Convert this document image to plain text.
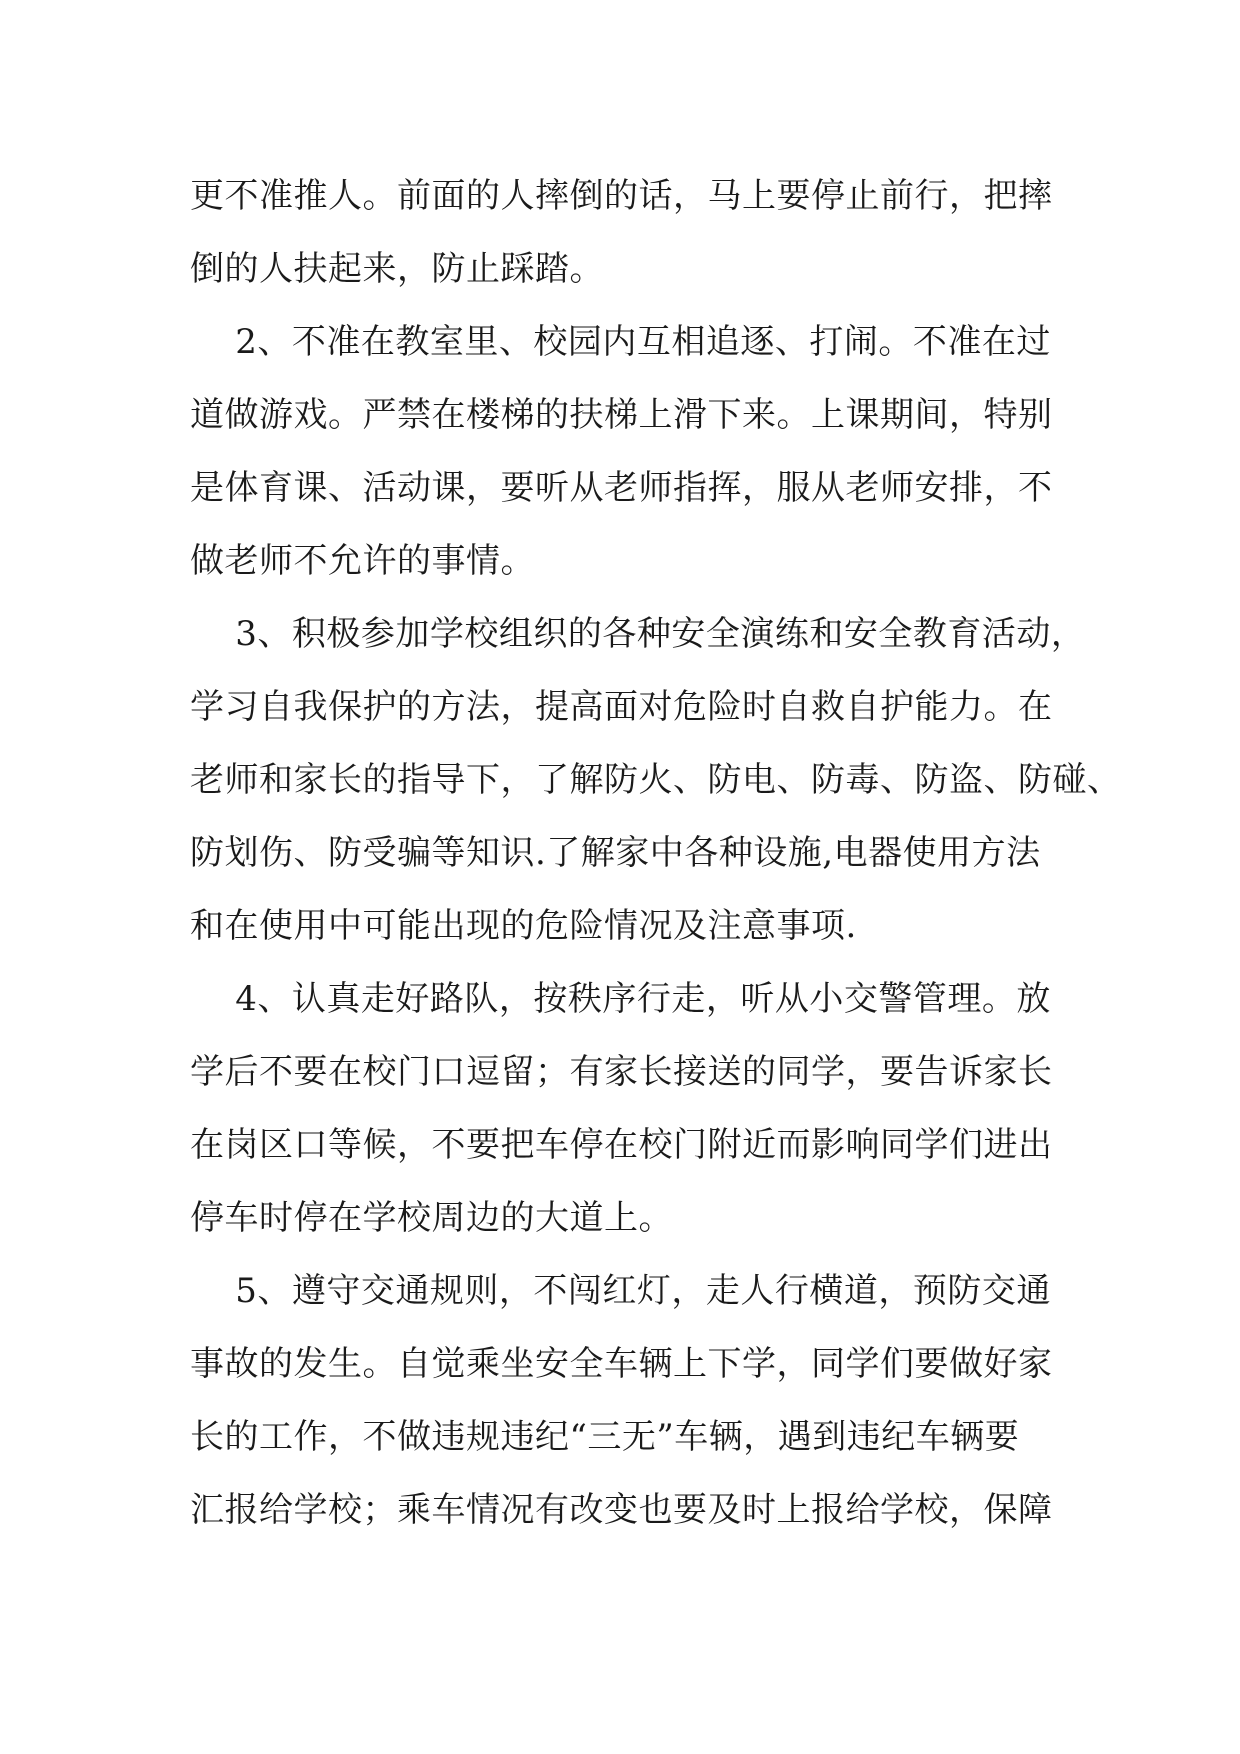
更不准推人。前面的人摔倒的话，马上要停止前行，把摔
倒的人扶起来，防止踩踏。
2、不准在教室里、校园内互相追逐、打闹。不准在过
道做游戏。严禁在楼梯的扶梯上滑下来。上课期间，特别
是体育课、活动课，要听从老师指挥，服从老师安排，不
做老师不允许的事情。
3、积极参加学校组织的各种安全演练和安全教育活动，
学习自我保护的方法，提高面对危险时自救自护能力。在
老师和家长的指导下，了解防火、防电、防毒、防盗、防碰、
防划伤、防受骗等知识.了解家中各种设施,电器使用方法
和在使用中可能出现的危险情况及注意事项.
4、认真走好路队，按秩序行走，听从小交警管理。放
学后不要在校门口逗留；有家长接送的同学，要告诉家长
在岗区口等候，不要把车停在校门附近而影响同学们进出
停车时停在学校周边的大道上。
5、遵守交通规则，不闯红灯，走人行横道，预防交通
事故的发生。自觉乘坐安全车辆上下学，同学们要做好家
长的工作，不做违规违纪“三无”车辆，遇到违纪车辆要
汇报给学校；乘车情况有改变也要及时上报给学校，保障
